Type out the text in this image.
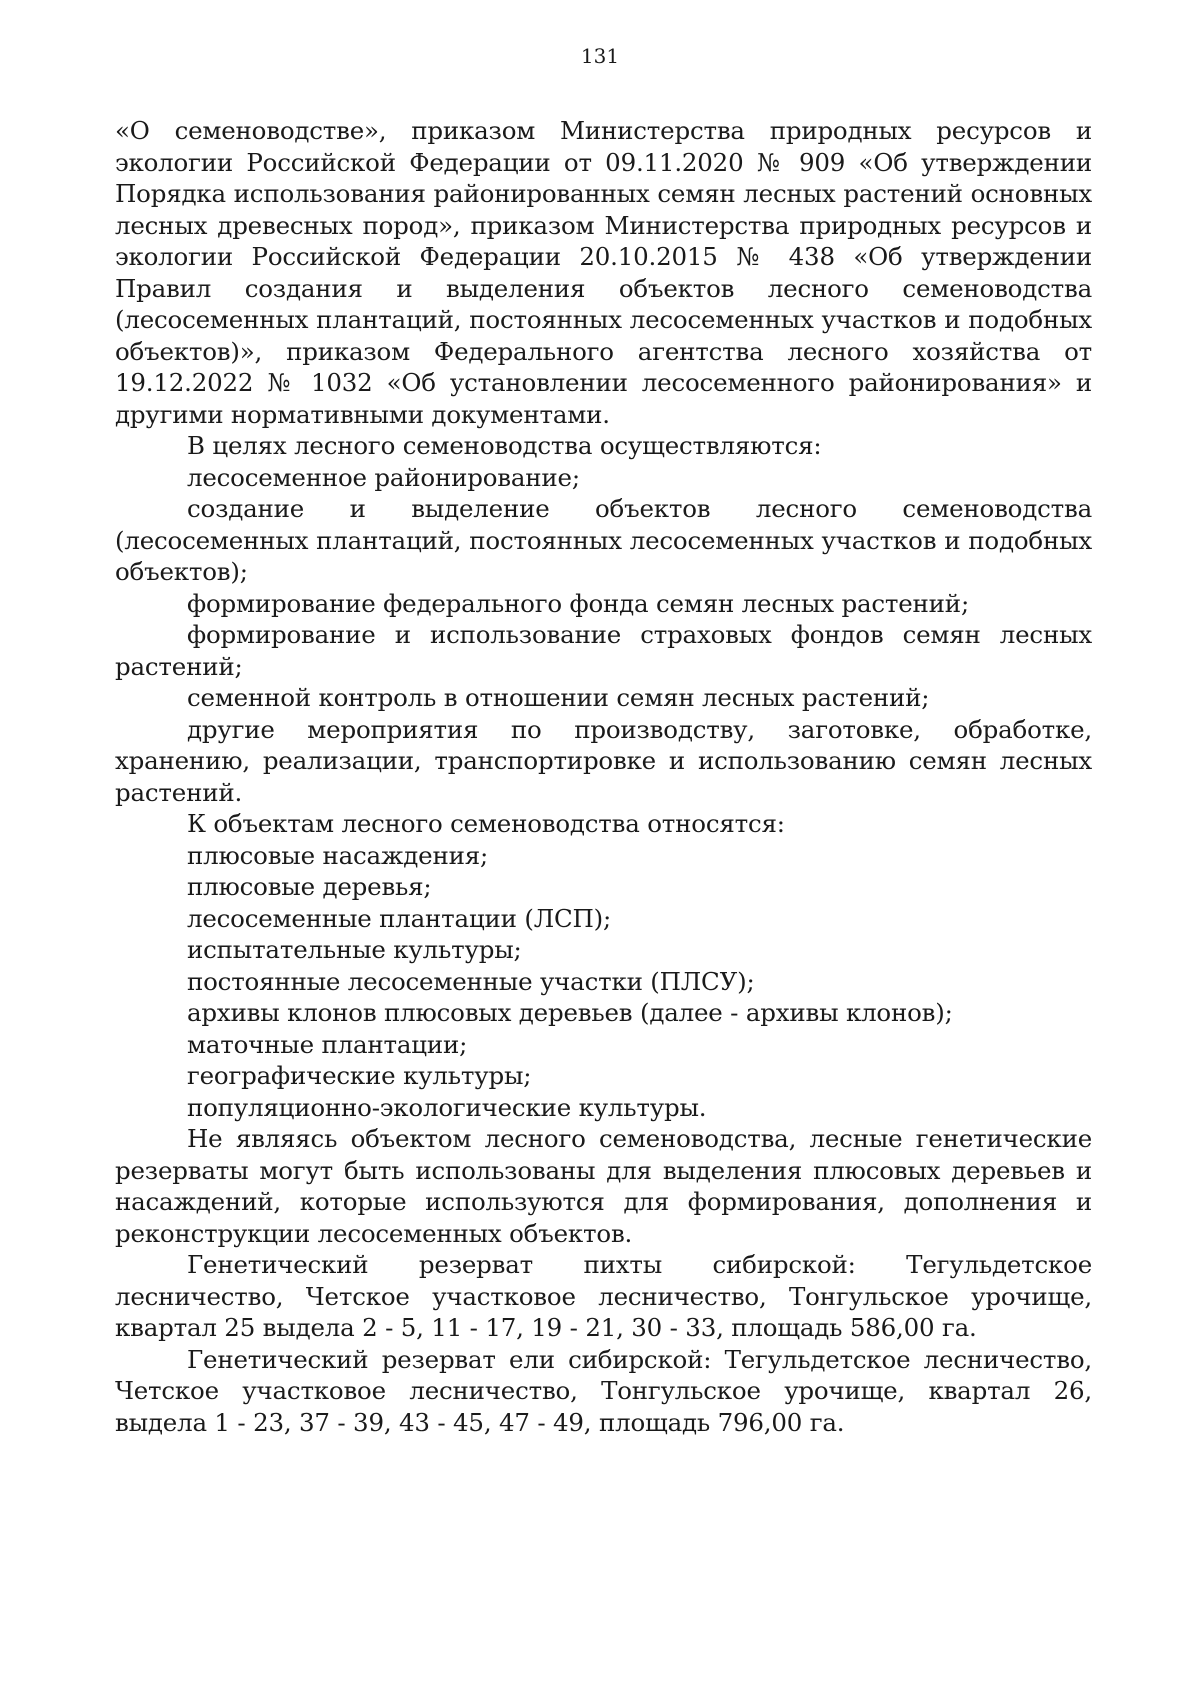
131

«О семеноводстве», приказом Министерства природных ресурсов и экологии Российской Федерации от 09.11.2020 № 909 «Об утверждении Порядка использования районированных семян лесных растений основных лесных древесных пород», приказом Министерства природных ресурсов и экологии Российской Федерации 20.10.2015 № 438 «Об утверждении Правил создания и выделения объектов лесного семеноводства (лесосеменных плантаций, постоянных лесосеменных участков и подобных объектов)», приказом Федерального агентства лесного хозяйства от 19.12.2022 № 1032 «Об установлении лесосеменного районирования» и другими нормативными документами.

В целях лесного семеноводства осуществляются:

лесосеменное районирование;

создание и выделение объектов лесного семеноводства (лесосеменных плантаций, постоянных лесосеменных участков и подобных объектов);

формирование федерального фонда семян лесных растений;

формирование и использование страховых фондов семян лесных растений;

семенной контроль в отношении семян лесных растений;

другие мероприятия по производству, заготовке, обработке, хранению, реализации, транспортировке и использованию семян лесных растений.

К объектам лесного семеноводства относятся:

плюсовые насаждения;

плюсовые деревья;

лесосеменные плантации (ЛСП);

испытательные культуры;

постоянные лесосеменные участки (ПЛСУ);

архивы клонов плюсовых деревьев (далее - архивы клонов);

маточные плантации;

географические культуры;

популяционно-экологические культуры.

Не являясь объектом лесного семеноводства, лесные генетические резерваты могут быть использованы для выделения плюсовых деревьев и насаждений, которые используются для формирования, дополнения и реконструкции лесосеменных объектов.

Генетический резерват пихты сибирской: Тегульдетское лесничество, Четское участковое лесничество, Тонгульское урочище, квартал 25 выдела 2 - 5, 11 - 17, 19 - 21, 30 - 33, площадь 586,00 га.

Генетический резерват ели сибирской: Тегульдетское лесничество, Четское участковое лесничество, Тонгульское урочище, квартал 26, выдела 1 - 23, 37 - 39, 43 - 45, 47 - 49, площадь 796,00 га.
